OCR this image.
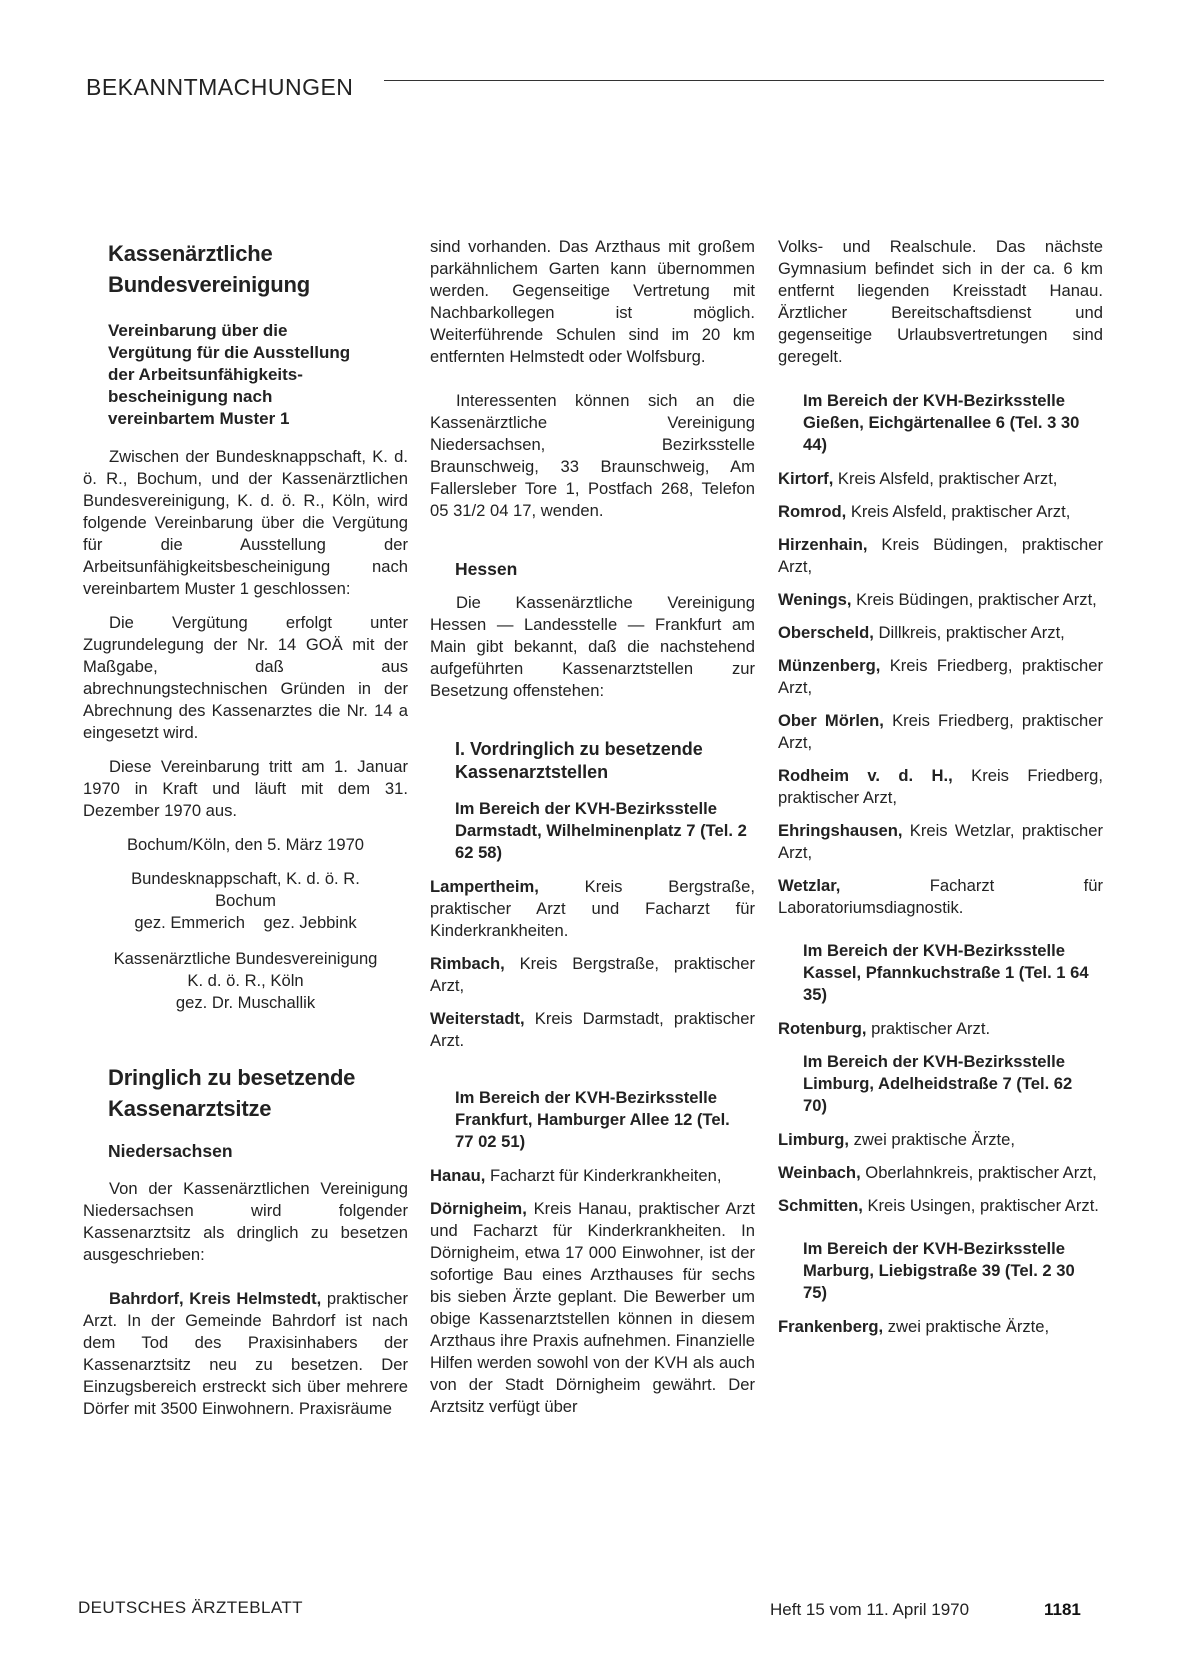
BEKANNTMACHUNGEN
Kassenärztliche
Bundesvereinigung
Vereinbarung über die
Vergütung für die Ausstellung
der Arbeitsunfähigkeits-
bescheinigung nach
vereinbartem Muster 1

Zwischen der Bundesknappschaft, K. d. ö. R., Bochum, und der Kassenärztlichen Bundesvereinigung, K. d. ö. R., Köln, wird folgende Vereinbarung über die Vergütung für die Ausstellung der Arbeitsunfähigkeitsbescheinigung nach vereinbartem Muster 1 geschlossen:

Die Vergütung erfolgt unter Zugrundelegung der Nr. 14 GOÄ mit der Maßgabe, daß aus abrechnungstechnischen Gründen in der Abrechnung des Kassenarztes die Nr. 14 a eingesetzt wird.

Diese Vereinbarung tritt am 1. Januar 1970 in Kraft und läuft mit dem 31. Dezember 1970 aus.

Bochum/Köln, den 5. März 1970

Bundesknappschaft, K. d. ö. R.
Bochum
gez. Emmerich    gez. Jebbink

Kassenärztliche Bundesvereinigung
K. d. ö. R., Köln
gez. Dr. Muschallik

Dringlich zu besetzende
Kassenarztsitze
Niedersachsen

Von der Kassenärztlichen Vereinigung Niedersachsen wird folgender Kassenarztsitz als dringlich zu besetzen ausgeschrieben:

Bahrdorf, Kreis Helmstedt, praktischer Arzt. In der Gemeinde Bahrdorf ist nach dem Tod des Praxisinhabers der Kassenarztsitz neu zu besetzen. Der Einzugsbereich erstreckt sich über mehrere Dörfer mit 3500 Einwohnern. Praxisräume

sind vorhanden. Das Arzthaus mit großem parkähnlichem Garten kann übernommen werden. Gegenseitige Vertretung mit Nachbarkollegen ist möglich. Weiterführende Schulen sind im 20 km entfernten Helmstedt oder Wolfsburg.

Interessenten können sich an die Kassenärztliche Vereinigung Niedersachsen, Bezirksstelle Braunschweig, 33 Braunschweig, Am Fallersleber Tore 1, Postfach 268, Telefon 05 31/2 04 17, wenden.

Hessen

Die Kassenärztliche Vereinigung Hessen — Landesstelle — Frankfurt am Main gibt bekannt, daß die nachstehend aufgeführten Kassenarztstellen zur Besetzung offenstehen:

I. Vordringlich zu besetzende Kassenarztstellen
Im Bereich der KVH-Bezirksstelle Darmstadt, Wilhelminenplatz 7 (Tel. 2 62 58)

Lampertheim, Kreis Bergstraße, praktischer Arzt und Facharzt für Kinderkrankheiten.

Rimbach, Kreis Bergstraße, praktischer Arzt,

Weiterstadt, Kreis Darmstadt, praktischer Arzt.

Im Bereich der KVH-Bezirksstelle Frankfurt, Hamburger Allee 12 (Tel. 77 02 51)

Hanau, Facharzt für Kinderkrankheiten,

Dörnigheim, Kreis Hanau, praktischer Arzt und Facharzt für Kinderkrankheiten. In Dörnigheim, etwa 17 000 Einwohner, ist der sofortige Bau eines Arzthauses für sechs bis sieben Ärzte geplant. Die Bewerber um obige Kassenarztstellen können in diesem Arzthaus ihre Praxis aufnehmen. Finanzielle Hilfen werden sowohl von der KVH als auch von der Stadt Dörnigheim gewährt. Der Arztsitz verfügt über

Volks- und Realschule. Das nächste Gymnasium befindet sich in der ca. 6 km entfernt liegenden Kreisstadt Hanau. Ärztlicher Bereitschaftsdienst und gegenseitige Urlaubsvertretungen sind geregelt.

Im Bereich der KVH-Bezirksstelle Gießen, Eichgärtenallee 6 (Tel. 3 30 44)

Kirtorf, Kreis Alsfeld, praktischer Arzt,

Romrod, Kreis Alsfeld, praktischer Arzt,

Hirzenhain, Kreis Büdingen, praktischer Arzt,

Wenings, Kreis Büdingen, praktischer Arzt,

Oberscheld, Dillkreis, praktischer Arzt,

Münzenberg, Kreis Friedberg, praktischer Arzt,

Ober Mörlen, Kreis Friedberg, praktischer Arzt,

Rodheim v. d. H., Kreis Friedberg, praktischer Arzt,

Ehringshausen, Kreis Wetzlar, praktischer Arzt,

Wetzlar, Facharzt für Laboratoriumsdiagnostik.

Im Bereich der KVH-Bezirksstelle Kassel, Pfannkuchstraße 1 (Tel. 1 64 35)

Rotenburg, praktischer Arzt.

Im Bereich der KVH-Bezirksstelle Limburg, Adelheidstraße 7 (Tel. 62 70)

Limburg, zwei praktische Ärzte,

Weinbach, Oberlahnkreis, praktischer Arzt,

Schmitten, Kreis Usingen, praktischer Arzt.

Im Bereich der KVH-Bezirksstelle Marburg, Liebigstraße 39 (Tel. 2 30 75)

Frankenberg, zwei praktische Ärzte,

DEUTSCHES ÄRZTEBLATT	Heft 15 vom 11. April 1970	1181
